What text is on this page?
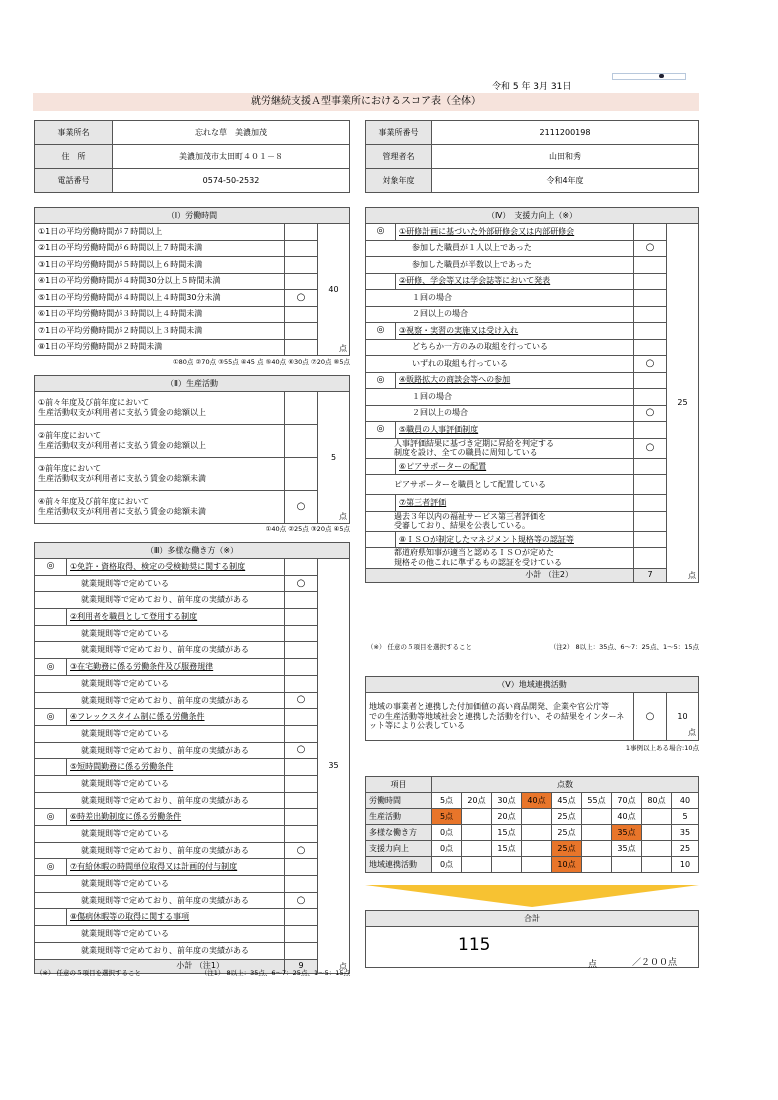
令和 5 年 3月 31日
就労継続支援Ａ型事業所におけるスコア表（全体）
事業所名	忘れな草　美濃加茂
住　所	美濃加茂市太田町４０１－８
電話番号	0574-50-2532
事業所番号	2111200198
管理者名	山田和秀
対象年度	令和4年度
（Ⅰ）労働時間		
①1日の平均労働時間が７時間以上		40
点

②1日の平均労働時間が６時間以上７時間未満		
③1日の平均労働時間が５時間以上６時間未満		
④1日の平均労働時間が４時間30分以上５時間未満		
⑤1日の平均労働時間が４時間以上４時間30分未満	○	
⑥1日の平均労働時間が３時間以上４時間未満		
⑦1日の平均労働時間が２時間以上３時間未満		
⑧1日の平均労働時間が２時間未満		
①80点 ②70点 ③55点 ④45 点 ⑤40点 ⑥30点 ⑦20点 ⑧5点
（Ⅱ）生産活動		
①前々年度及び前年度において
生産活動収支が利用者に支払う賃金の総額以上		5
点

②前年度において
生産活動収支が利用者に支払う賃金の総額以上		
③前年度において
生産活動収支が利用者に支払う賃金の総額未満		
④前々年度及び前年度において
生産活動収支が利用者に支払う賃金の総額未満	○	
①40点 ②25点 ③20点 ④5点
（Ⅲ）多様な働き方（※）			
◎	①免許・資格取得、検定の受検勧奨に関する制度		35
点

就業規則等で定めている		○	
就業規則等で定めており、前年度の実績がある			
	②利用者を職員として登用する制度		
就業規則等で定めている			
就業規則等で定めており、前年度の実績がある			
◎	③在宅勤務に係る労働条件及び服務規律		
就業規則等で定めている			
就業規則等で定めており、前年度の実績がある		○	
◎	④フレックスタイム制に係る労働条件		
就業規則等で定めている			
就業規則等で定めており、前年度の実績がある		○	
	⑤短時間勤務に係る労働条件		
就業規則等で定めている			
就業規則等で定めており、前年度の実績がある			
◎	⑥時差出勤制度に係る労働条件		
就業規則等で定めている			
就業規則等で定めており、前年度の実績がある		○	
◎	⑦有給休暇の時間単位取得又は計画的付与制度		
就業規則等で定めている			
就業規則等で定めており、前年度の実績がある		○	
	⑧傷病休暇等の取得に関する事項		
就業規則等で定めている			
就業規則等で定めており、前年度の実績がある			
小計 （注1）		9	
（※） 任意の５項目を選択すること	（注1） 8以上：35点、6～7：25点、1～5：15点
（Ⅳ）　支援力向上（※）			
◎	①研修計画に基づいた外部研修会又は内部研修会		25
点

参加した職員が１人以上であった		○	
参加した職員が半数以上であった			
	②研修、学会等又は学会誌等において発表		
１回の場合			
２回以上の場合			
◎	③視察・実習の実施又は受け入れ		
どちらか一方のみの取組を行っている			
いずれの取組も行っている		○	
◎	④販路拡大の商談会等への参加		
１回の場合			
２回以上の場合		○	
◎	⑤職員の人事評価制度		
人事評価結果に基づき定期に昇給を判定する
制度を設け、全ての職員に周知している		○	
	⑥ピアサポーターの配置		
ピアサポーターを職員として配置している			
	⑦第三者評価		
過去３年以内の福祉サービス第三者評価を
受審しており、結果を公表している。			
	⑧ＩＳＯが制定したマネジメント規格等の認証等		
都道府県知事が適当と認めるＩＳＯが定めた
規格その他これに準ずるもの認証を受けている			
小計 （注2）		7	
（※） 任意の５項目を選択すること	（注2） 8以上：35点、6～7：25点、1～5：15点
（Ⅴ）地域連携活動
地域の事業者と連携した付加価値の高い商品開発、企業や官公庁等
での生産活動等地域社会と連携した活動を行い、その結果をインターネット等により公表している	○	10
点
1事例以上ある場合:10点
項目	点数								
労働時間	5点	20点	30点	40点	45点	55点	70点	80点	40
生産活動	5点		20点		25点		40点		5
多様な働き方	0点		15点		25点		35点		35
支援力向上	0点		15点		25点		35点		25
地域連携活動	0点				10点				10
合計
115
点	／２００点
